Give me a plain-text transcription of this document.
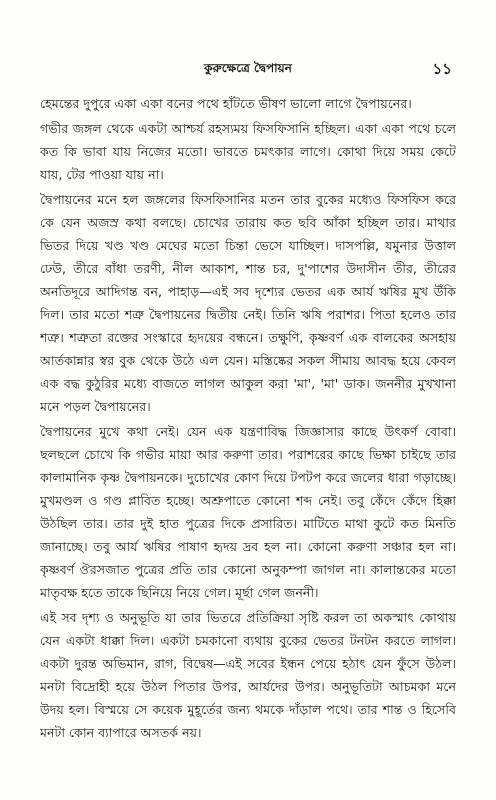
কুরুক্ষেত্রে দ্বৈপায়ন	১১

হেমন্তের দুপুরে একা একা বনের পথে হাঁটতে ভীষণ ভালো লাগে দ্বৈপায়নের।

গভীর জঙ্গল থেকে একটা আশ্চর্য রহস্যময় ফিসফিসানি হচ্ছিল। একা একা পথে চলে কত কি ভাবা যায় নিজের মতো। ভাবতে চমৎকার লাগে। কোথা দিয়ে সময় কেটে যায়, টের পাওয়া যায় না।

দ্বৈপায়নের মনে হল জঙ্গলের ফিসফিসানির মতন তার বুকের মধ্যেও ফিসফিস করে কে যেন অজস্র কথা বলছে। চোখের তারায় কত ছবি আঁকা হচ্ছিল তার। মাথার ভিতর দিয়ে খণ্ড খণ্ড মেঘের মতো চিন্তা ভেসে যাচ্ছিল। দাসপল্লি, যমুনার উত্তাল ঢেউ, তীরে বাঁধা তরণী, নীল আকাশ, শান্ত চর, দু'পাশের উদাসীন তীর, তীরের অনতিদূরে আদিগন্ত বন, পাহাড়—এই সব দৃশ্যের ভেতর এক আর্য ঋষির মুখ উঁকি দিল। তার মতো শত্রু দ্বৈপায়নের দ্বিতীয় নেই। তিনি ঋষি পরাশর। পিতা হলেও তার শত্রু। শত্রুতা রক্তের সংস্কারে হৃদয়ের বন্ধনে। তক্ষুণি, কৃষ্ণবর্ণ এক বালকের অসহায় আর্তকান্নার স্বর বুক থেকে উঠে এল যেন। মস্তিষ্কের সকল সীমায় আবদ্ধ হয়ে কেবল এক বদ্ধ কুঠুরির মধ্যে বাজতে লাগল আকুল করা 'মা', 'মা' ডাক। জননীর মুখখানা মনে পড়ল দ্বৈপায়নের।

দ্বৈপায়নের মুখে কথা নেই। যেন এক যন্ত্রণাবিদ্ধ জিজ্ঞাসার কাছে উৎকর্ণ বোবা। ছলছলে চোখে কি গভীর মায়া আর করুণা তার। পরাশরের কাছে ভিক্ষা চাইছে তার কালামানিক কৃষ্ণ দ্বৈপায়নকে। দুচোখের কোণ দিয়ে টপটপ করে জলের ধারা গড়াচ্ছে। মুখমণ্ডল ও গণ্ড প্লাবিত হচ্ছে। অশ্রুপাতে কোনো শব্দ নেই। তবু কেঁদে কেঁদে হিক্কা উঠছিল তার। তার দুই হাত পুত্রের দিকে প্রসারিত। মাটিতে মাথা কুটে কত মিনতি জানাচ্ছে। তবু আর্য ঋষির পাষাণ হৃদয় দ্রব হল না। কোনো করুণা সঞ্চার হল না। কৃষ্ণবর্ণ ঔরসজাত পুত্রের প্রতি তার কোনো অনুকম্পা জাগল না। কালান্তকের মতো মাতৃবক্ষ হতে তাকে ছিনিয়ে নিয়ে গেল। মূর্ছা গেল জননী।

এই সব দৃশ্য ও অনুভূতি যা তার ভিতরে প্রতিক্রিয়া সৃষ্টি করল তা অকস্মাৎ কোথায় যেন একটা ধাক্কা দিল। একটা চমকানো ব্যথায় বুকের ভেতর টনটন করতে লাগল। একটা দুরন্ত অভিমান, রাগ, বিদ্বেষ—এই সবের ইন্ধন পেয়ে হঠাৎ যেন ফুঁসে উঠল। মনটা বিদ্রোহী হয়ে উঠল পিতার উপর, আর্যদের উপর। অনুভূতিটা আচমকা মনে উদয় হল। বিস্ময়ে সে কয়েক মুহূর্তের জন্য থমকে দাঁড়াল পথে। তার শান্ত ও হিসেবি মনটা কোন ব্যাপারে অসতর্ক নয়।
